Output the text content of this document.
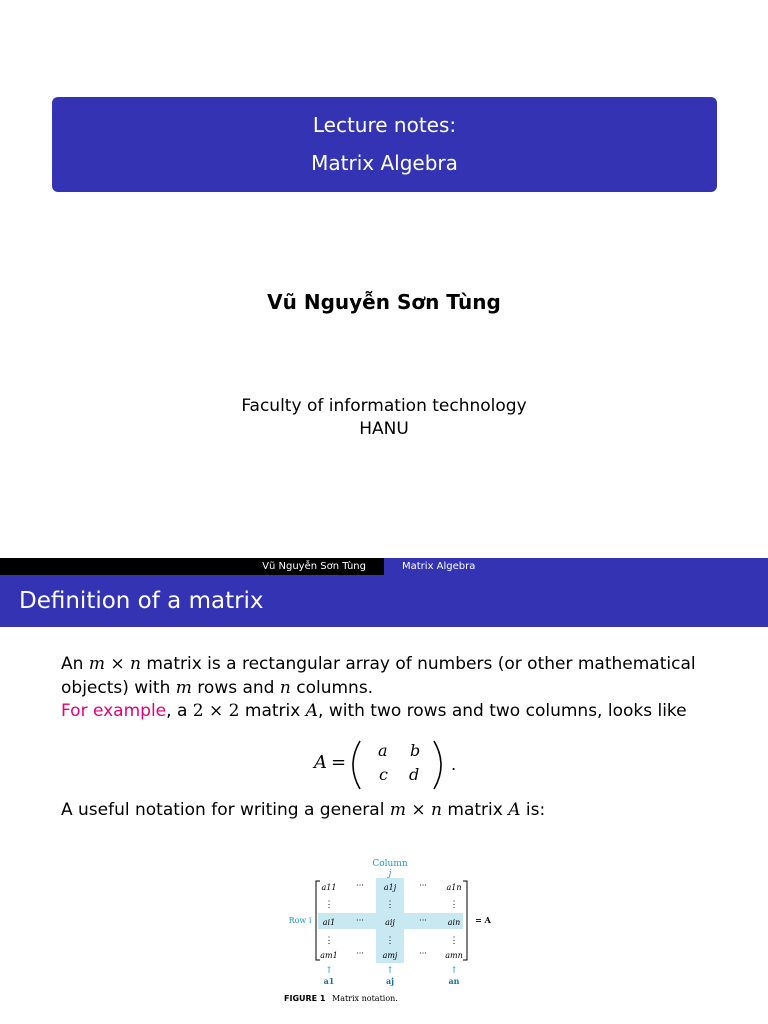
Lecture notes:
Matrix Algebra
Vũ Nguyễn Sơn Tùng
Faculty of information technology
HANU
Vũ Nguyễn Sơn Tùng	Matrix Algebra
Definition of a matrix
An m × n matrix is a rectangular array of numbers (or other mathematical
objects) with m rows and n columns.
For example, a 2 × 2 matrix A, with two rows and two columns, looks like
A =
a b
c d
.
A useful notation for writing a general m × n matrix A is:
Column
j
a11 ···	a1j	··· a1n
⋮	⋮	⋮
Row i ai1	···	aij	···	ain = A
⋮	⋮	⋮
am1 ··· amj	··· amn
↑	↑	↑
a1	aj	an
FIGURE 1 Matrix notation.
